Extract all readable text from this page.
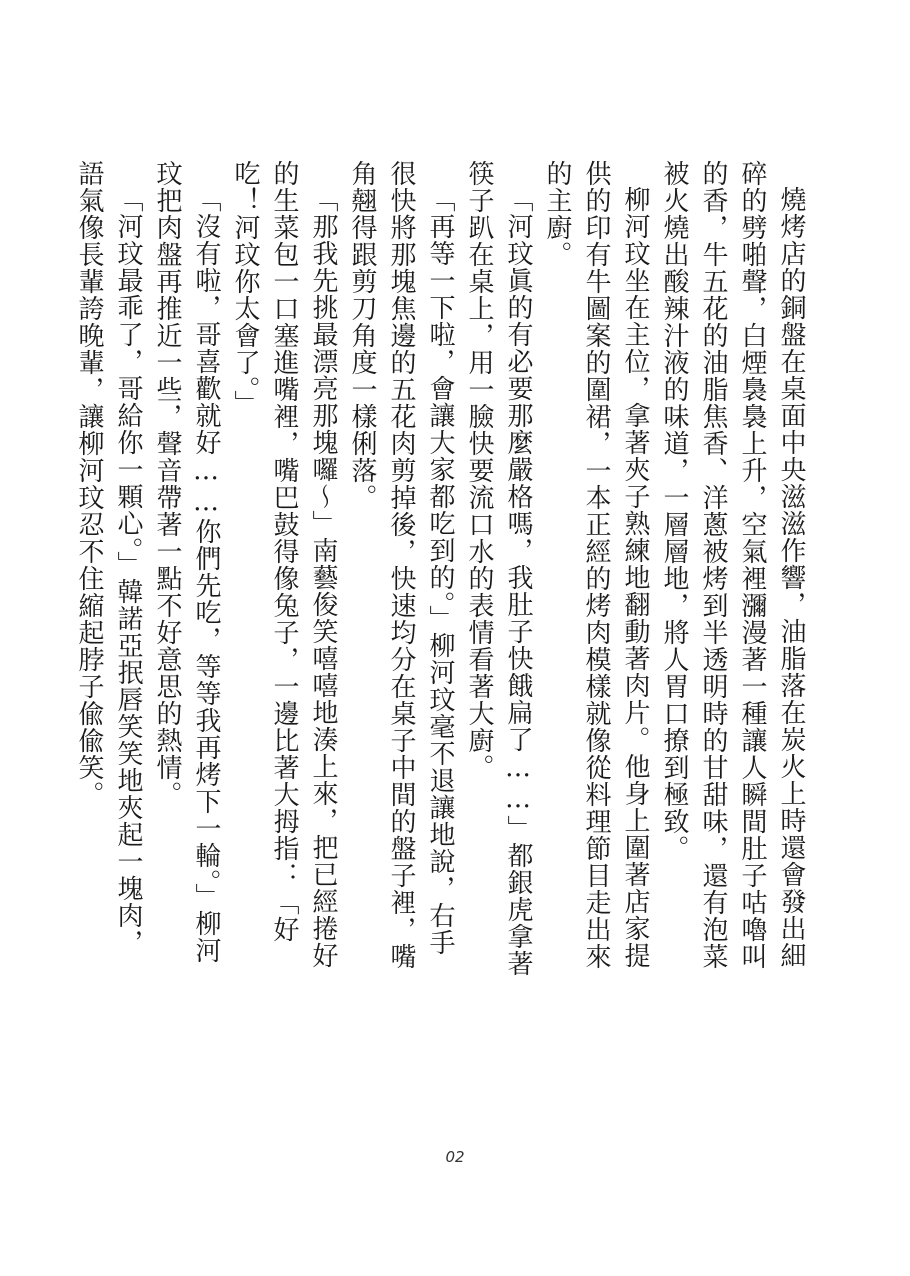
燒烤店的銅盤在桌面中央滋滋作響，油脂落在炭火上時還會發出細碎的劈啪聲，白煙裊裊上升，空氣裡瀰漫著一種讓人瞬間肚子咕嚕叫的香，牛五花的油脂焦香、洋蔥被烤到半透明時的甘甜味，還有泡菜被火燒出酸辣汁液的味道，一層層地，將人胃口撩到極致。

柳河玟坐在主位，拿著夾子熟練地翻動著肉片。他身上圍著店家提供的印有牛圖案的圍裙，一本正經的烤肉模樣就像從料理節目走出來的主廚。

「河玟眞的有必要那麼嚴格嗎，我肚子快餓扁了……」都銀虎拿著筷子趴在桌上，用一臉快要流口水的表情看著大廚。

「再等一下啦，會讓大家都吃到的。」柳河玟毫不退讓地說，右手很快將那塊焦邊的五花肉剪掉後，快速均分在桌子中間的盤子裡，嘴角翹得跟剪刀角度一樣俐落。

「那我先挑最漂亮那塊囉～」南藝俊笑嘻嘻地湊上來，把已經捲好的生菜包一口塞進嘴裡，嘴巴鼓得像兔子，一邊比著大拇指：「好吃！河玟你太會了。」

「沒有啦，哥喜歡就好……你們先吃，等等我再烤下一輪。」柳河玟把肉盤再推近一些，聲音帶著一點不好意思的熱情。

「河玟最乖了，哥給你一顆心。」韓諾亞抿唇笑笑地夾起一塊肉，語氣像長輩誇晚輩，讓柳河玟忍不住縮起脖子偸偸笑。

02
